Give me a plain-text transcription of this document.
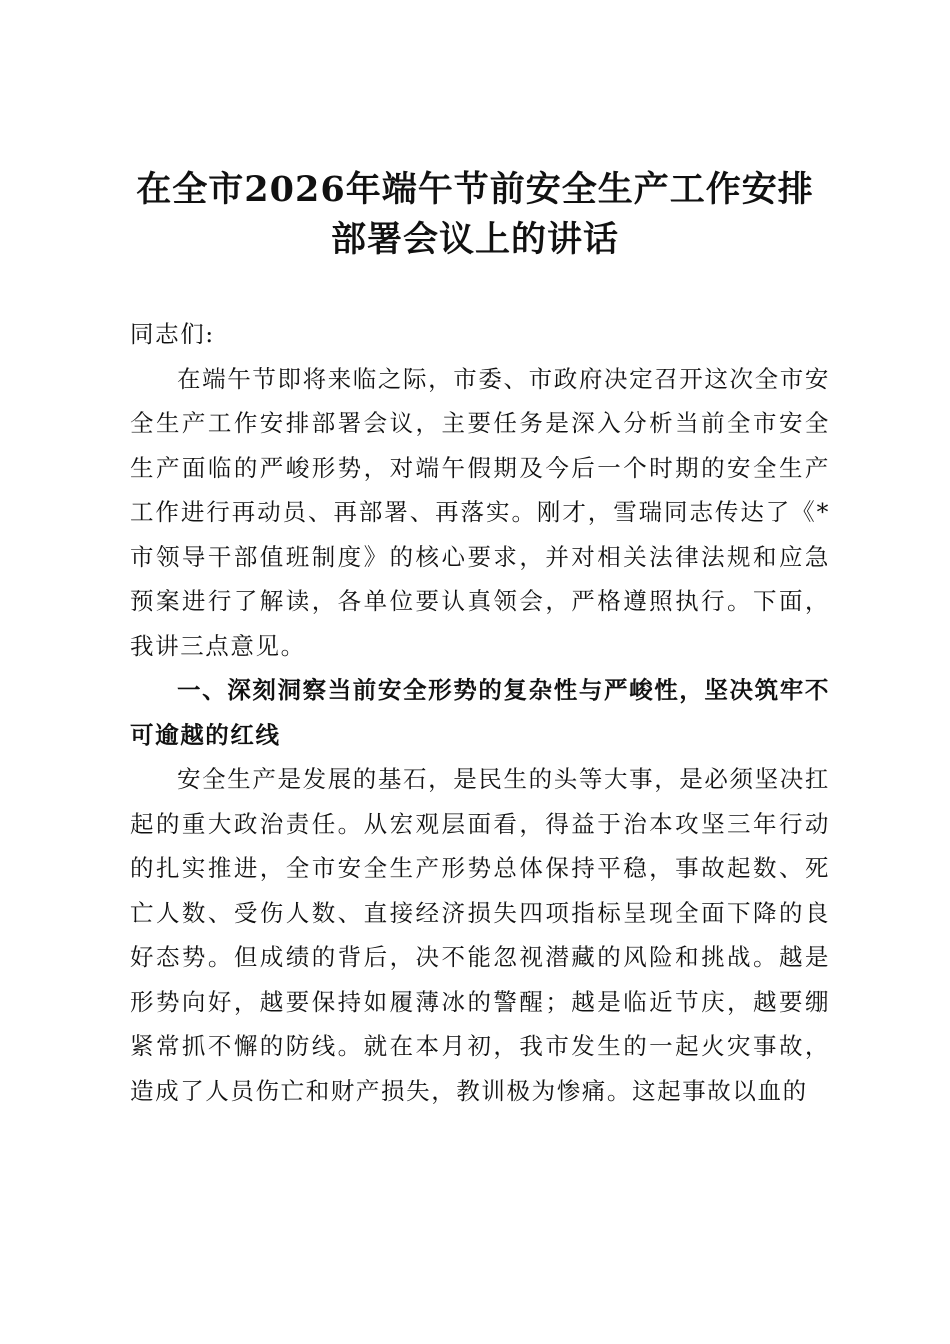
在全市2026年端午节前安全生产工作安排
部署会议上的讲话

同志们:

在端午节即将来临之际，市委、市政府决定召开这次全市安全生产工作安排部署会议，主要任务是深入分析当前全市安全生产面临的严峻形势，对端午假期及今后一个时期的安全生产工作进行再动员、再部署、再落实。刚才，雪瑞同志传达了《*市领导干部值班制度》的核心要求，并对相关法律法规和应急预案进行了解读，各单位要认真领会，严格遵照执行。下面，我讲三点意见。

一、深刻洞察当前安全形势的复杂性与严峻性，坚决筑牢不可逾越的红线

安全生产是发展的基石，是民生的头等大事，是必须坚决扛起的重大政治责任。从宏观层面看，得益于治本攻坚三年行动的扎实推进，全市安全生产形势总体保持平稳，事故起数、死亡人数、受伤人数、直接经济损失四项指标呈现全面下降的良好态势。但成绩的背后，决不能忽视潜藏的风险和挑战。越是形势向好，越要保持如履薄冰的警醒；越是临近节庆，越要绷紧常抓不懈的防线。就在本月初，我市发生的一起火灾事故，造成了人员伤亡和财产损失，教训极为惨痛。这起事故以血的
